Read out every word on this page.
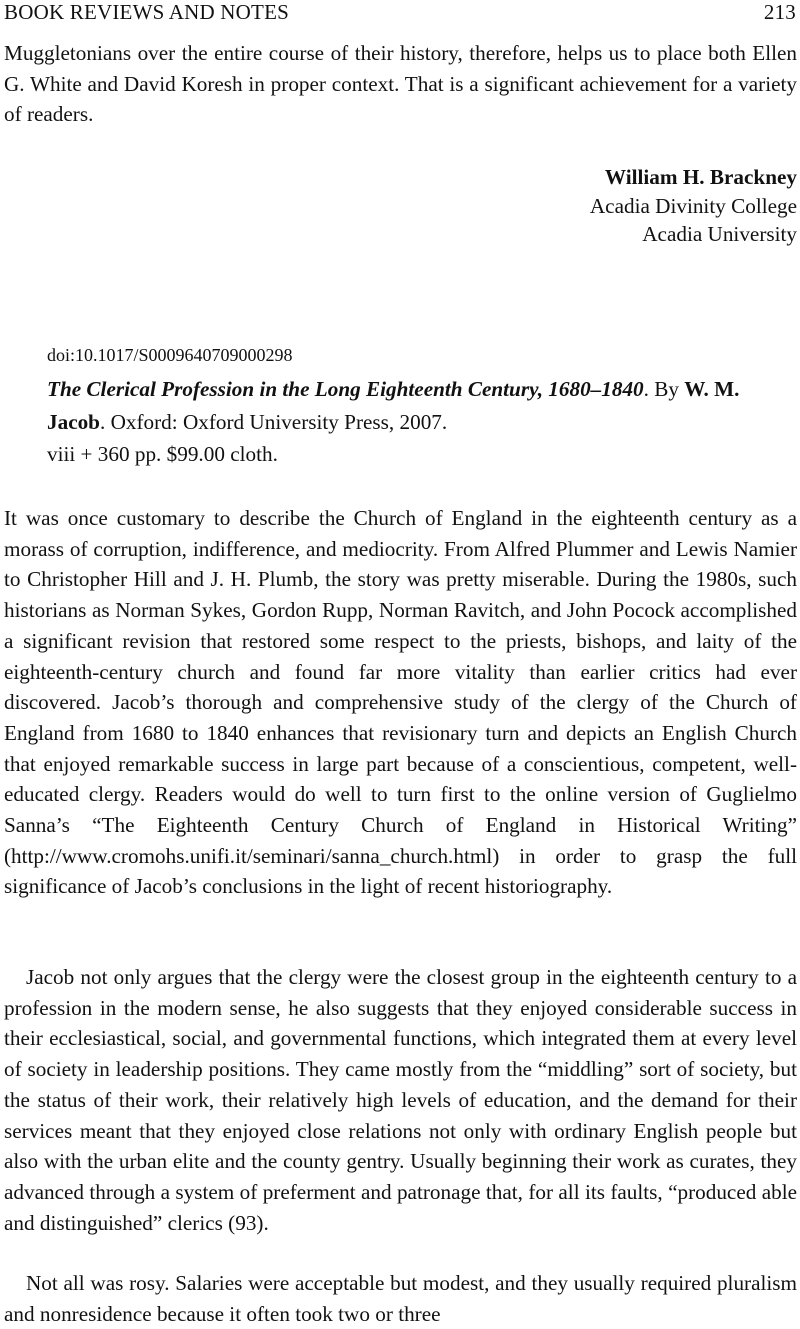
BOOK REVIEWS AND NOTES	213

Muggletonians over the entire course of their history, therefore, helps us to place both Ellen G. White and David Koresh in proper context. That is a significant achievement for a variety of readers.

William H. Brackney
Acadia Divinity College
Acadia University

doi:10.1017/S0009640709000298

The Clerical Profession in the Long Eighteenth Century, 1680–1840. By W. M. Jacob. Oxford: Oxford University Press, 2007.
viii + 360 pp. $99.00 cloth.

It was once customary to describe the Church of England in the eighteenth century as a morass of corruption, indifference, and mediocrity. From Alfred Plummer and Lewis Namier to Christopher Hill and J. H. Plumb, the story was pretty miserable. During the 1980s, such historians as Norman Sykes, Gordon Rupp, Norman Ravitch, and John Pocock accomplished a significant revision that restored some respect to the priests, bishops, and laity of the eighteenth-century church and found far more vitality than earlier critics had ever discovered. Jacob’s thorough and comprehensive study of the clergy of the Church of England from 1680 to 1840 enhances that revisionary turn and depicts an English Church that enjoyed remarkable success in large part because of a conscientious, competent, well-educated clergy. Readers would do well to turn first to the online version of Guglielmo Sanna’s “The Eighteenth Century Church of England in Historical Writing” (http://www.cromohs.unifi.it/seminari/sanna_church.html) in order to grasp the full significance of Jacob’s conclusions in the light of recent historiography.

Jacob not only argues that the clergy were the closest group in the eighteenth century to a profession in the modern sense, he also suggests that they enjoyed considerable success in their ecclesiastical, social, and governmental functions, which integrated them at every level of society in leadership positions. They came mostly from the “middling” sort of society, but the status of their work, their relatively high levels of education, and the demand for their services meant that they enjoyed close relations not only with ordinary English people but also with the urban elite and the county gentry. Usually beginning their work as curates, they advanced through a system of preferment and patronage that, for all its faults, “produced able and distinguished” clerics (93).

Not all was rosy. Salaries were acceptable but modest, and they usually required pluralism and nonresidence because it often took two or three
